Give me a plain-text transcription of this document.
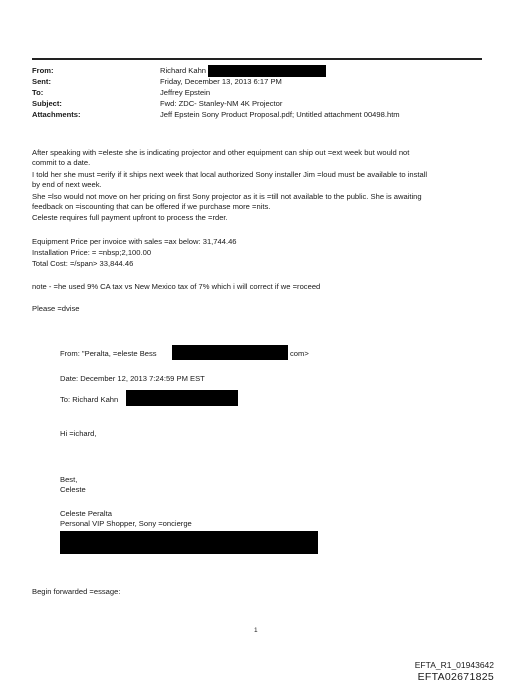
From:	Richard Kahn
Sent:	Friday, December 13, 2013 6:17 PM
To:	Jeffrey Epstein
Subject:	Fwd: ZDC- Stanley-NM 4K Projector
Attachments:	Jeff Epstein Sony Product Proposal.pdf; Untitled attachment 00498.htm
After speaking with =eleste she is indicating projector and other equipment can ship out =ext week but would not
commit to a date.
I told her she must =erify if it ships next week that local authorized Sony installer Jim =loud must be available to install
by end of next week.
She =lso would not move on her pricing on first Sony projector as it is =till not available to the public. She is awaiting
feedback on =iscounting that can be offered if we purchase more =nits.
Celeste requires full payment upfront to process the =rder.
Equipment Price per invoice with sales =ax below: 31,744.46
Installation Price: = =nbsp;2,100.00
Total Cost: =/span> 33,844.46
note - =he used 9% CA tax vs New Mexico tax of 7% which i will correct if we =roceed
Please =dvise
From: "Peralta, =eleste Bess	com>
Date: December 12, 2013 7:24:59 PM EST
To: Richard Kahn
Hi =ichard,
Best,
Celeste
Celeste Peralta
Personal VIP Shopper, Sony =oncierge
Begin forwarded =essage:
1
EFTA_R1_01943642
EFTA02671825
